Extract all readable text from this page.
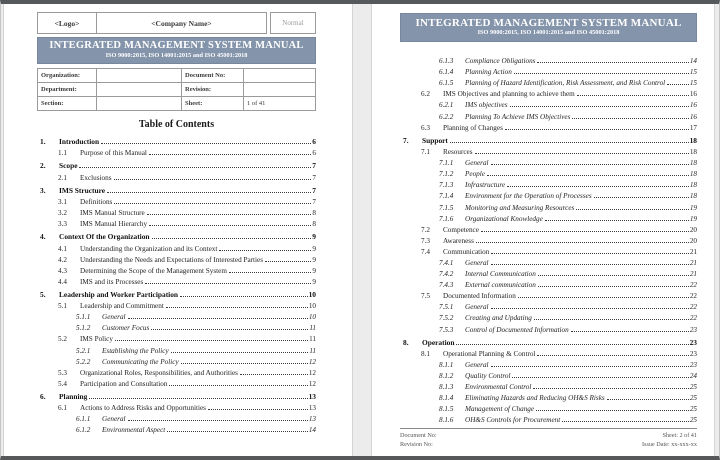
<Logo>	<Company Name>	Normal
INTEGRATED MANAGEMENT SYSTEM MANUAL
ISO 9000:2015, ISO 14001:2015 and ISO 45001:2018
Organization:		Document No:	
Department:		Revision:	
Section:		Sheet:	1 of 41
Table of Contents
1.	Introduction	6
1.1	Purpose of this Manual	6
2.	Scope	7
2.1	Exclusions	7
3.	IMS Structure	7
3.1	Definitions	7
3.2	IMS Manual Structure	8
3.3	IMS Manual Hierarchy	8
4.	Context Of the Organization	9
4.1	Understanding the Organization and its Context	9
4.2	Understanding the Needs and Expectations of Interested Parties	9
4.3	Determining the Scope of the Management System	9
4.4	IMS and its Processes	9
5.	Leadership and Worker Participation	10
5.1	Leadership and Commitment	10
5.1.1	General	10
5.1.2	Customer Focus	11
5.2	IMS Policy	11
5.2.1	Establishing the Policy	11
5.2.2	Communicating the Policy	12
5.3	Organizational Roles, Responsibilities, and Authorities	12
5.4	Participation and Consultation	12
6.	Planning	13
6.1	Actions to Address Risks and Opportunities	13
6.1.1	General	13
6.1.2	Environmental Aspect	14
INTEGRATED MANAGEMENT SYSTEM MANUAL
ISO 9000:2015, ISO 14001:2015 and ISO 45001:2018
6.1.3	Compliance Obligations	14
6.1.4	Planning Action	15
6.1.5	Planning of Hazard Identification, Risk Assessment, and Risk Control	15
6.2	IMS Objectives and planning to achieve them	16
6.2.1	IMS objectives	16
6.2.2	Planning To Achieve IMS Objectives	16
6.3	Planning of Changes	17
7.	Support	18
7.1	Resources	18
7.1.1	General	18
7.1.2	People	18
7.1.3	Infrastructure	18
7.1.4	Environment for the Operation of Processes	18
7.1.5	Monitoring and Measuring Resources	19
7.1.6	Organizational Knowledge	19
7.2	Competence	20
7.3	Awareness	20
7.4	Communication	21
7.4.1	General	21
7.4.2	Internal Communication	21
7.4.3	External communication	22
7.5	Documented Information	22
7.5.1	General	22
7.5.2	Creating and Updating	22
7.5.3	Control of Documented Information	23
8.	Operation	23
8.1	Operational Planning & Control	23
8.1.1	General	23
8.1.2	Quality Control	24
8.1.3	Environmental Control	25
8.1.4	Eliminating Hazards and Reducing OH&S Risks	25
8.1.5	Management of Change	25
8.1.6	OH&S Controls for Procurement	25
Document No:
Revision No:
Sheet: 2 of 41
Issue Date: xx-xxx-xx
